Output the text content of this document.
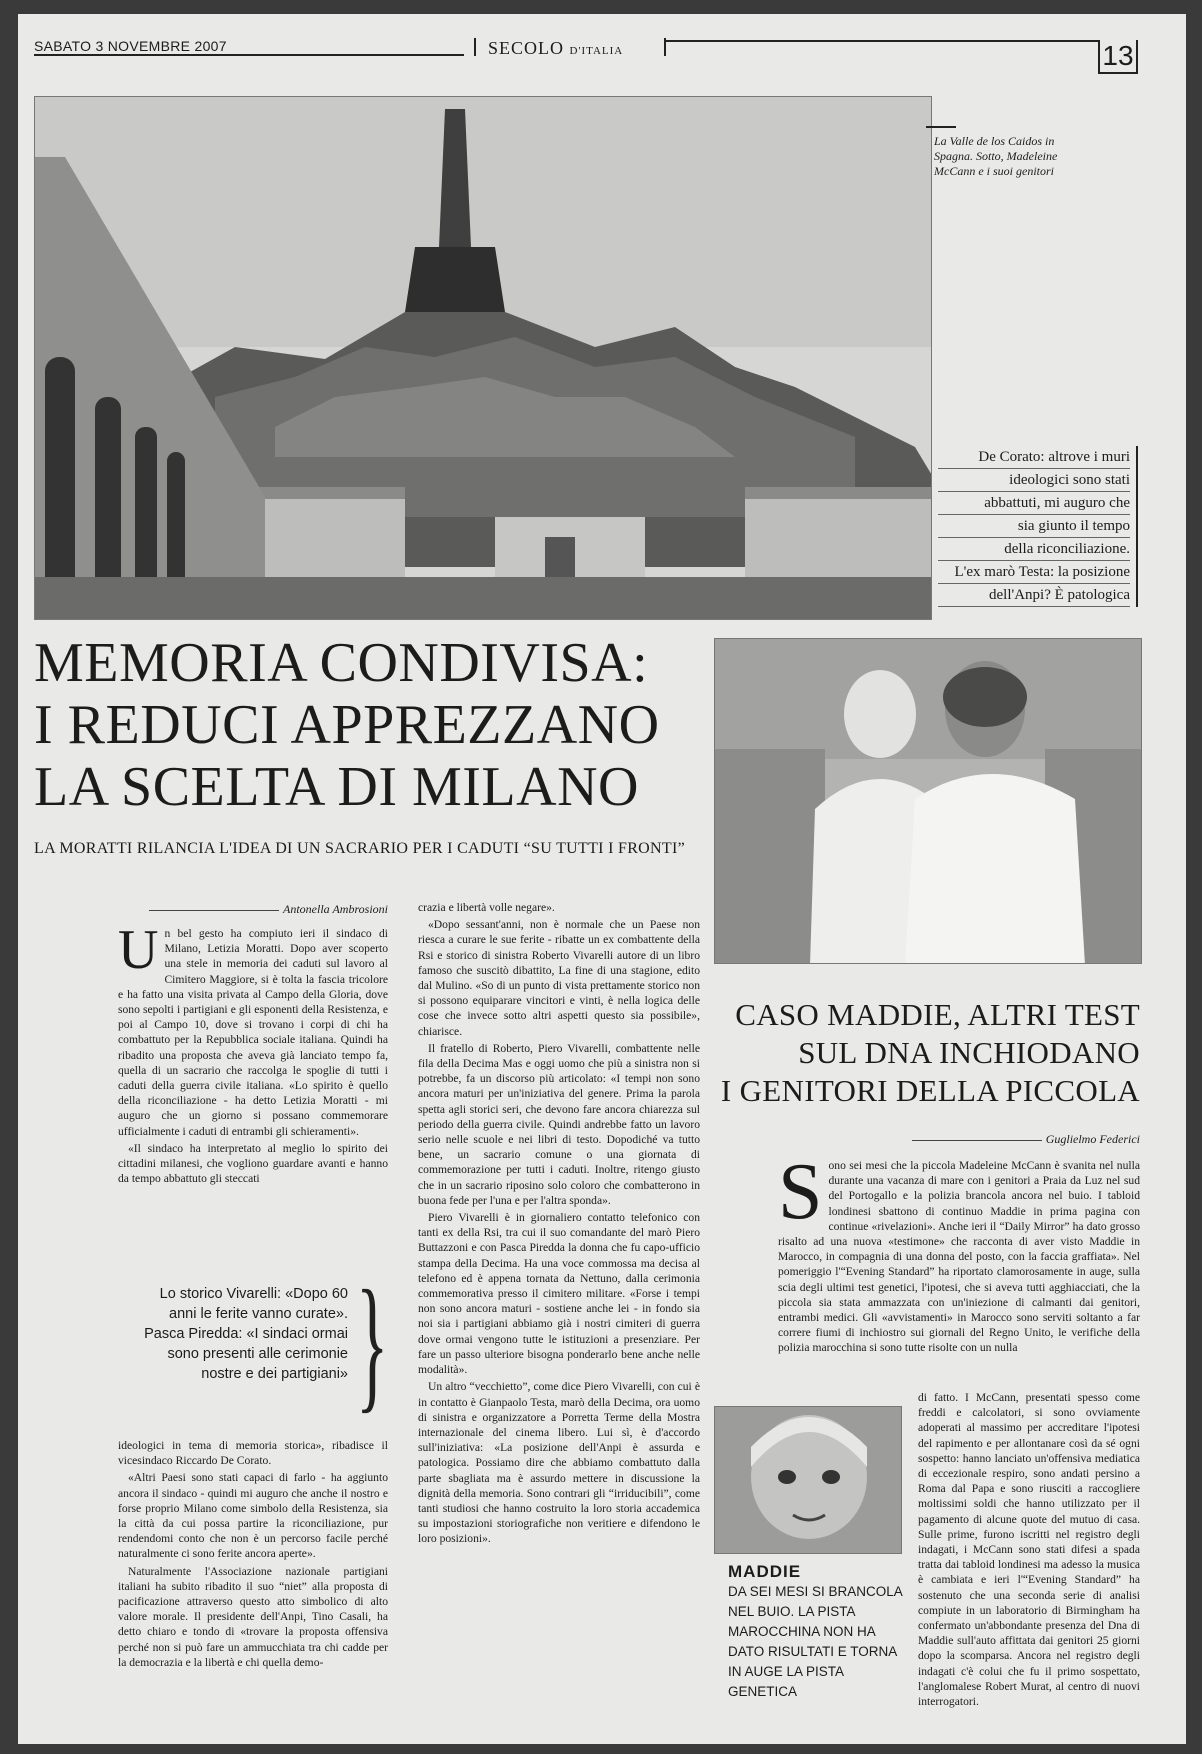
SABATO 3 NOVEMBRE 2007	SECOLO D'ITALIA	13
La Valle de los Caidos in Spagna. Sotto, Madeleine McCann e i suoi genitori
De Corato: altrove i muri
ideologici sono stati
abbattuti, mi auguro che
sia giunto il tempo
della riconciliazione.
L'ex marò Testa: la posizione
dell'Anpi? È patologica
MEMORIA CONDIVISA:
I REDUCI APPREZZANO
LA SCELTA DI MILANO
LA MORATTI RILANCIA L'IDEA DI UN SACRARIO PER I CADUTI “SU TUTTI I FRONTI”
Antonella Ambrosioni

Un bel gesto ha compiuto ieri il sindaco di Milano, Letizia Moratti. Dopo aver scoperto una stele in memoria dei caduti sul lavoro al Cimitero Maggiore, si è tolta la fascia tricolore e ha fatto una visita privata al Campo della Gloria, dove sono sepolti i partigiani e gli esponenti della Resistenza, e poi al Campo 10, dove si trovano i corpi di chi ha combattuto per la Repubblica sociale italiana. Quindi ha ribadito una proposta che aveva già lanciato tempo fa, quella di un sacrario che raccolga le spoglie di tutti i caduti della guerra civile italiana. «Lo spirito è quello della riconciliazione - ha detto Letizia Moratti - mi auguro che un giorno si possano commemorare ufficialmente i caduti di entrambi gli schieramenti».

«Il sindaco ha interpretato al meglio lo spirito dei cittadini milanesi, che vogliono guardare avanti e hanno da tempo abbattuto gli steccati

Lo storico Vivarelli: «Dopo 60 anni le ferite vanno curate». Pasca Piredda: «I sindaci ormai sono presenti alle cerimonie nostre e dei partigiani» }

ideologici in tema di memoria storica», ribadisce il vicesindaco Riccardo De Corato.

«Altri Paesi sono stati capaci di farlo - ha aggiunto ancora il sindaco - quindi mi auguro che anche il nostro e forse proprio Milano come simbolo della Resistenza, sia la città da cui possa partire la riconciliazione, pur rendendomi conto che non è un percorso facile perché naturalmente ci sono ferite ancora aperte».

Naturalmente l'Associazione nazionale partigiani italiani ha subito ribadito il suo “niet” alla proposta di pacificazione attraverso questo atto simbolico di alto valore morale. Il presidente dell'Anpi, Tino Casali, ha detto chiaro e tondo di «trovare la proposta offensiva perché non si può fare un ammucchiata tra chi cadde per la democrazia e la libertà e chi quella demo-

crazia e libertà volle negare».

«Dopo sessant'anni, non è normale che un Paese non riesca a curare le sue ferite - ribatte un ex combattente della Rsi e storico di sinistra Roberto Vivarelli autore di un libro famoso che suscitò dibattito, La fine di una stagione, edito dal Mulino. «So di un punto di vista prettamente storico non si possono equiparare vincitori e vinti, è nella logica delle cose che invece sotto altri aspetti questo sia possibile», chiarisce.

Il fratello di Roberto, Piero Vivarelli, combattente nelle fila della Decima Mas e oggi uomo che più a sinistra non si potrebbe, fa un discorso più articolato: «I tempi non sono ancora maturi per un'iniziativa del genere. Prima la parola spetta agli storici seri, che devono fare ancora chiarezza sul periodo della guerra civile. Quindi andrebbe fatto un lavoro serio nelle scuole e nei libri di testo. Dopodiché va tutto bene, un sacrario comune o una giornata di commemorazione per tutti i caduti. Inoltre, ritengo giusto che in un sacrario riposino solo coloro che combatterono in buona fede per l'una e per l'altra sponda».

Piero Vivarelli è in giornaliero contatto telefonico con tanti ex della Rsi, tra cui il suo comandante del marò Piero Buttazzoni e con Pasca Piredda la donna che fu capo-ufficio stampa della Decima. Ha una voce commossa ma decisa al telefono ed è appena tornata da Nettuno, dalla cerimonia commemorativa presso il cimitero militare. «Forse i tempi non sono ancora maturi - sostiene anche lei - in fondo sia noi sia i partigiani abbiamo già i nostri cimiteri di guerra dove ormai vengono tutte le istituzioni a presenziare. Per fare un passo ulteriore bisogna ponderarlo bene anche nelle modalità».

Un altro “vecchietto”, come dice Piero Vivarelli, con cui è in contatto è Gianpaolo Testa, marò della Decima, ora uomo di sinistra e organizzatore a Porretta Terme della Mostra internazionale del cinema libero. Lui sì, è d'accordo sull'iniziativa: «La posizione dell'Anpi è assurda e patologica. Possiamo dire che abbiamo combattuto dalla parte sbagliata ma è assurdo mettere in discussione la dignità della memoria. Sono contrari gli “irriducibili”, come tanti studiosi che hanno costruito la loro storia accademica su impostazioni storiografiche non veritiere e difendono le loro posizioni».

CASO MADDIE, ALTRI TEST
SUL DNA INCHIODANO
I GENITORI DELLA PICCOLA
Guglielmo Federici

Sono sei mesi che la piccola Madeleine McCann è svanita nel nulla durante una vacanza di mare con i genitori a Praia da Luz nel sud del Portogallo e la polizia brancola ancora nel buio. I tabloid londinesi sbattono di continuo Maddie in prima pagina con continue «rivelazioni». Anche ieri il “Daily Mirror” ha dato grosso risalto ad una nuova «testimone» che racconta di aver visto Maddie in Marocco, in compagnia di una donna del posto, con la faccia graffiata». Nel pomeriggio l'“Evening Standard” ha riportato clamorosamente in auge, sulla scia degli ultimi test genetici, l'ipotesi, che si aveva tutti agghiacciati, che la piccola sia stata ammazzata con un'iniezione di calmanti dai genitori, entrambi medici. Gli «avvistamenti» in Marocco sono serviti soltanto a far correre fiumi di inchiostro sui giornali del Regno Unito, le verifiche della polizia marocchina si sono tutte risolte con un nulla

MADDIE
DA SEI MESI SI BRANCOLA NEL BUIO. LA PISTA MAROCCHINA NON HA DATO RISULTATI E TORNA IN AUGE LA PISTA GENETICA

di fatto. I McCann, presentati spesso come freddi e calcolatori, si sono ovviamente adoperati al massimo per accreditare l'ipotesi del rapimento e per allontanare così da sé ogni sospetto: hanno lanciato un'offensiva mediatica di eccezionale respiro, sono andati persino a Roma dal Papa e sono riusciti a raccogliere moltissimi soldi che hanno utilizzato per il pagamento di alcune quote del mutuo di casa. Sulle prime, furono iscritti nel registro degli indagati, i McCann sono stati difesi a spada tratta dai tabloid londinesi ma adesso la musica è cambiata e ieri l'“Evening Standard” ha sostenuto che una seconda serie di analisi compiute in un laboratorio di Birmingham ha confermato un'abbondante presenza del Dna di Maddie sull'auto affittata dai genitori 25 giorni dopo la scomparsa. Ancora nel registro degli indagati c'è colui che fu il primo sospettato, l'anglomalese Robert Murat, al centro di nuovi interrogatori.
